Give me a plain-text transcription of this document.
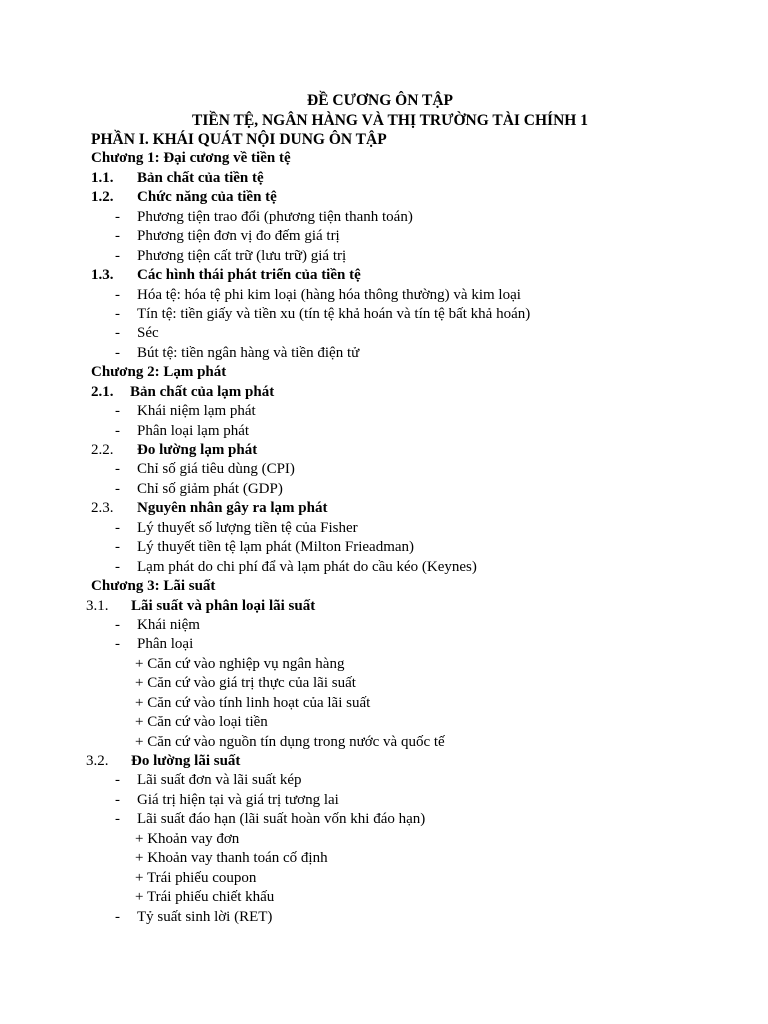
ĐỀ CƯƠNG ÔN TẬP
TIỀN TỆ, NGÂN HÀNG VÀ THỊ TRƯỜNG TÀI CHÍNH 1
PHẦN I. KHÁI QUÁT NỘI DUNG ÔN TẬP
Chương 1: Đại cương về tiền tệ
1.1. Bản chất của tiền tệ
1.2. Chức năng của tiền tệ
- Phương tiện trao đổi (phương tiện thanh toán)
- Phương tiện đơn vị đo đếm giá trị
- Phương tiện cất trữ (lưu trữ) giá trị
1.3. Các hình thái phát triển của tiền tệ
- Hóa tệ: hóa tệ phi kim loại (hàng hóa thông thường) và kim loại
- Tín tệ: tiền giấy và tiền xu (tín tệ khả hoán và tín tệ bất khả hoán)
- Séc
- Bút tệ: tiền ngân hàng và tiền điện tử
Chương 2: Lạm phát
2.1. Bản chất của lạm phát
- Khái niệm lạm phát
- Phân loại lạm phát
2.2. Đo lường lạm phát
- Chỉ số giá tiêu dùng (CPI)
- Chỉ số giảm phát (GDP)
2.3. Nguyên nhân gây ra lạm phát
- Lý thuyết số lượng tiền tệ của Fisher
- Lý thuyết tiền tệ lạm phát (Milton Frieadman)
- Lạm phát do chi phí đẩ và lạm phát do cầu kéo (Keynes)
Chương 3: Lãi suất
3.1. Lãi suất và phân loại lãi suất
- Khái niệm
- Phân loại
+ Căn cứ vào nghiệp vụ ngân hàng
+ Căn cứ vào giá trị thực của lãi suất
+ Căn cứ vào tính linh hoạt của lãi suất
+ Căn cứ vào loại tiền
+ Căn cứ vào nguồn tín dụng trong nước và quốc tế
3.2. Đo lường lãi suất
- Lãi suất đơn và lãi suất kép
- Giá trị hiện tại và giá trị tương lai
- Lãi suất đáo hạn (lãi suất hoàn vốn khi đáo hạn)
+ Khoản vay đơn
+ Khoản vay thanh toán cố định
+ Trái phiếu coupon
+ Trái phiếu chiết khấu
- Tỷ suất sinh lời (RET)
